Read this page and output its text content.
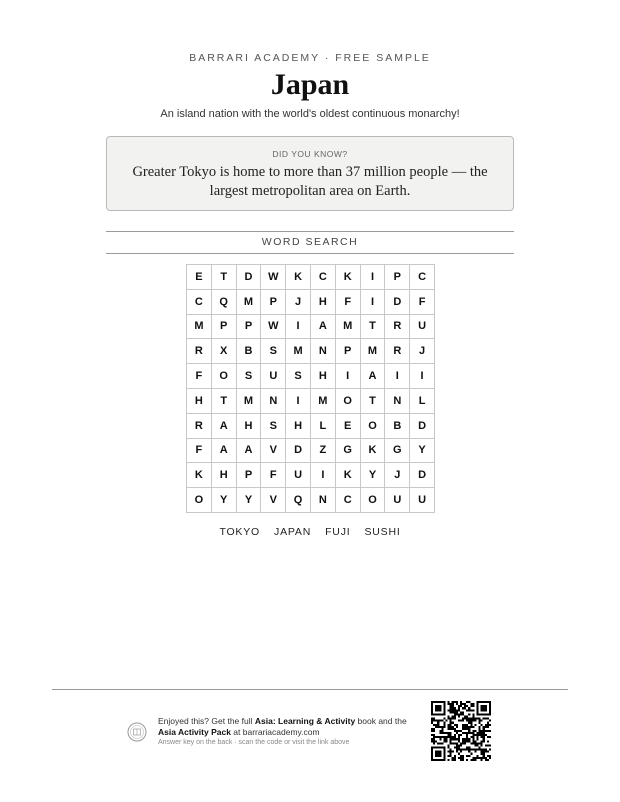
BARRARI ACADEMY · FREE SAMPLE
Japan
An island nation with the world's oldest continuous monarchy!
DID YOU KNOW?
Greater Tokyo is home to more than 37 million people — the largest metropolitan area on Earth.
WORD SEARCH
E	T	D	W	K	C	K	I	P	C
C	Q	M	P	J	H	F	I	D	F
M	P	P	W	I	A	M	T	R	U
R	X	B	S	M	N	P	M	R	J
F	O	S	U	S	H	I	A	I	I
H	T	M	N	I	M	O	T	N	L
R	A	H	S	H	L	E	O	B	D
F	A	A	V	D	Z	G	K	G	Y
K	H	P	F	U	I	K	Y	J	D
O	Y	Y	V	Q	N	C	O	U	U
TOKYO JAPAN FUJI SUSHI
Enjoyed this? Get the full Asia: Learning & Activity book and the Asia Activity Pack at barrariacademy.com
Answer key on the back · scan the code or visit the link above
